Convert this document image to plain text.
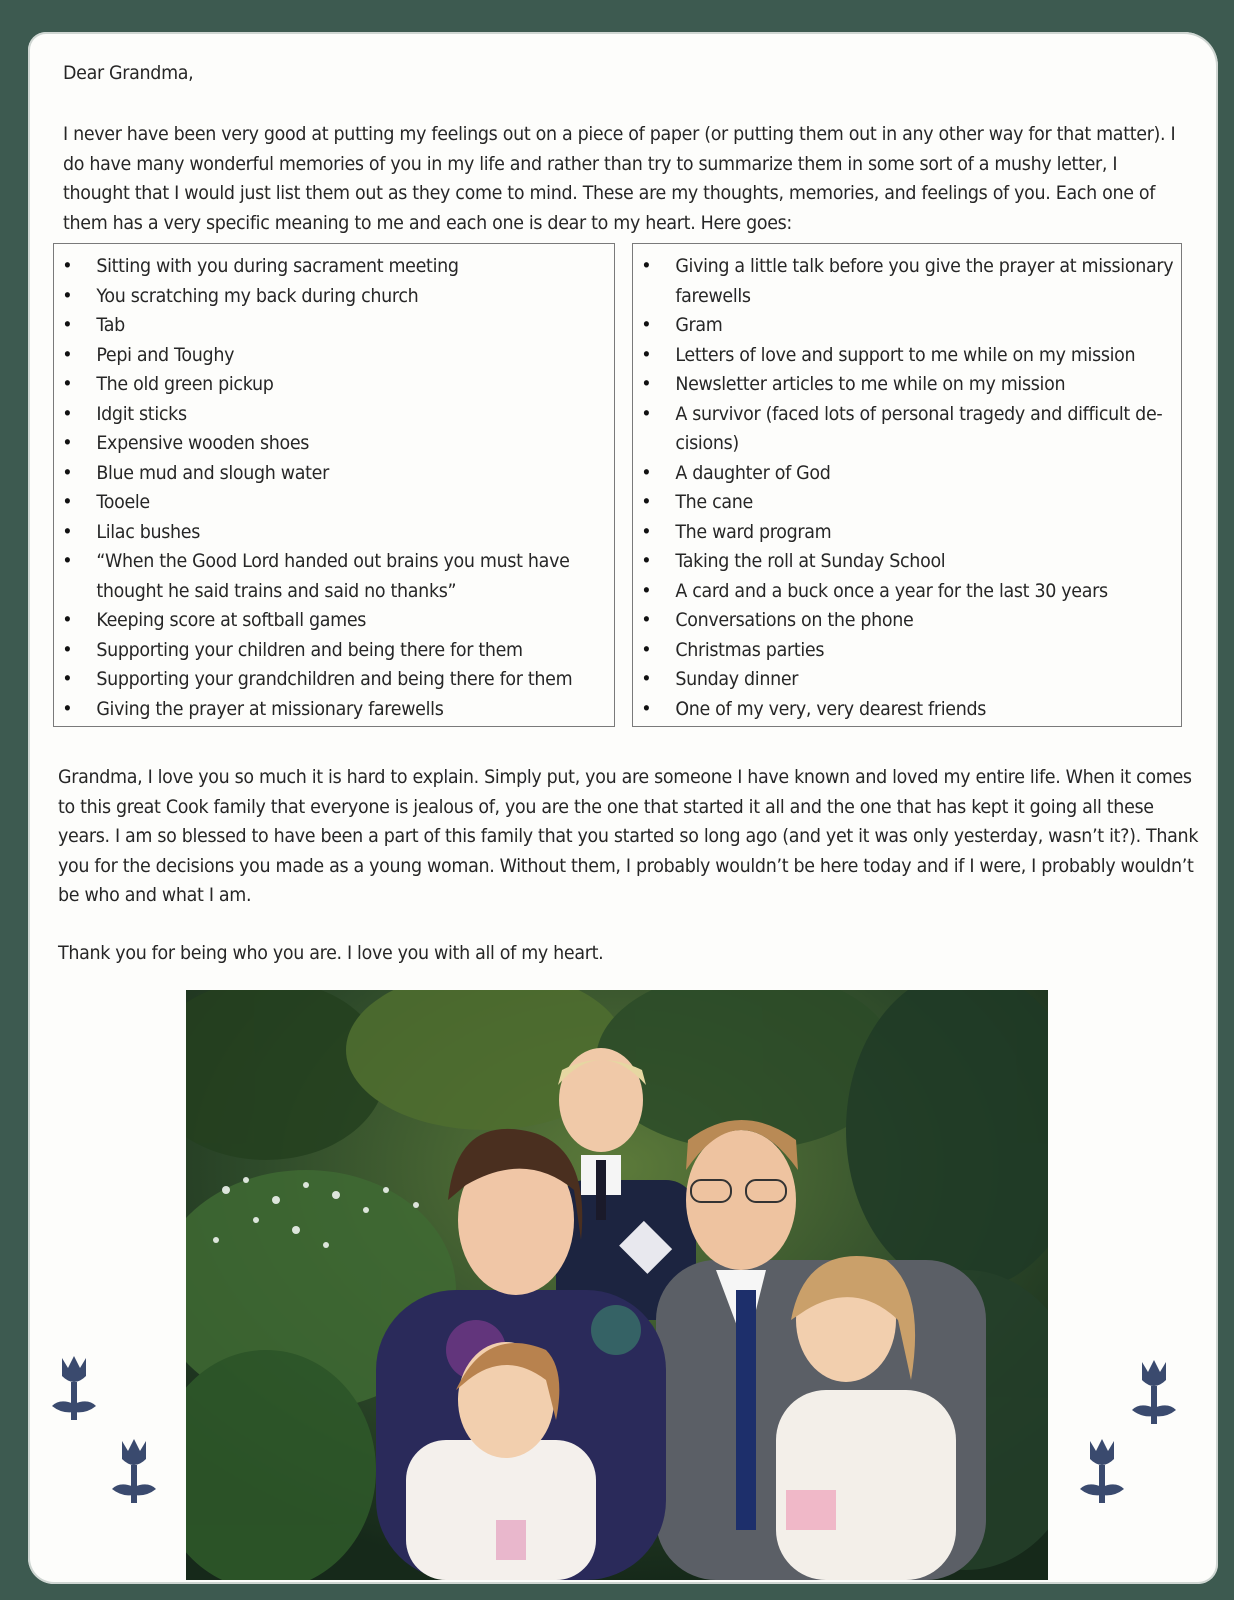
Dear Grandma,
I never have been very good at putting my feelings out on a piece of paper (or putting them out in any other way for that matter). I do have many wonderful memories of you in my life and rather than try to summarize them in some sort of a mushy letter, I thought that I would just list them out as they come to mind. These are my thoughts, memories, and feelings of you. Each one of them has a very specific meaning to me and each one is dear to my heart. Here goes:
• Sitting with you during sacrament meeting
• You scratching my back during church
• Tab
• Pepi and Toughy
• The old green pickup
• Idgit sticks
• Expensive wooden shoes
• Blue mud and slough water
• Tooele
• Lilac bushes
• “When the Good Lord handed out brains you must have thought he said trains and said no thanks”
• Keeping score at softball games
• Supporting your children and being there for them
• Supporting your grandchildren and being there for them
• Giving the prayer at missionary farewells
• Giving a little talk before you give the prayer at missionary farewells
• Gram
• Letters of love and support to me while on my mission
• Newsletter articles to me while on my mission
• A survivor (faced lots of personal tragedy and difficult de-cisions)
• A daughter of God
• The cane
• The ward program
• Taking the roll at Sunday School
• A card and a buck once a year for the last 30 years
• Conversations on the phone
• Christmas parties
• Sunday dinner
• One of my very, very dearest friends
Grandma, I love you so much it is hard to explain. Simply put, you are someone I have known and loved my entire life. When it comes to this great Cook family that everyone is jealous of, you are the one that started it all and the one that has kept it going all these years. I am so blessed to have been a part of this family that you started so long ago (and yet it was only yesterday, wasn’t it?). Thank you for the decisions you made as a young woman. Without them, I probably wouldn’t be here today and if I were, I probably wouldn’t be who and what I am.
Thank you for being who you are. I love you with all of my heart.
